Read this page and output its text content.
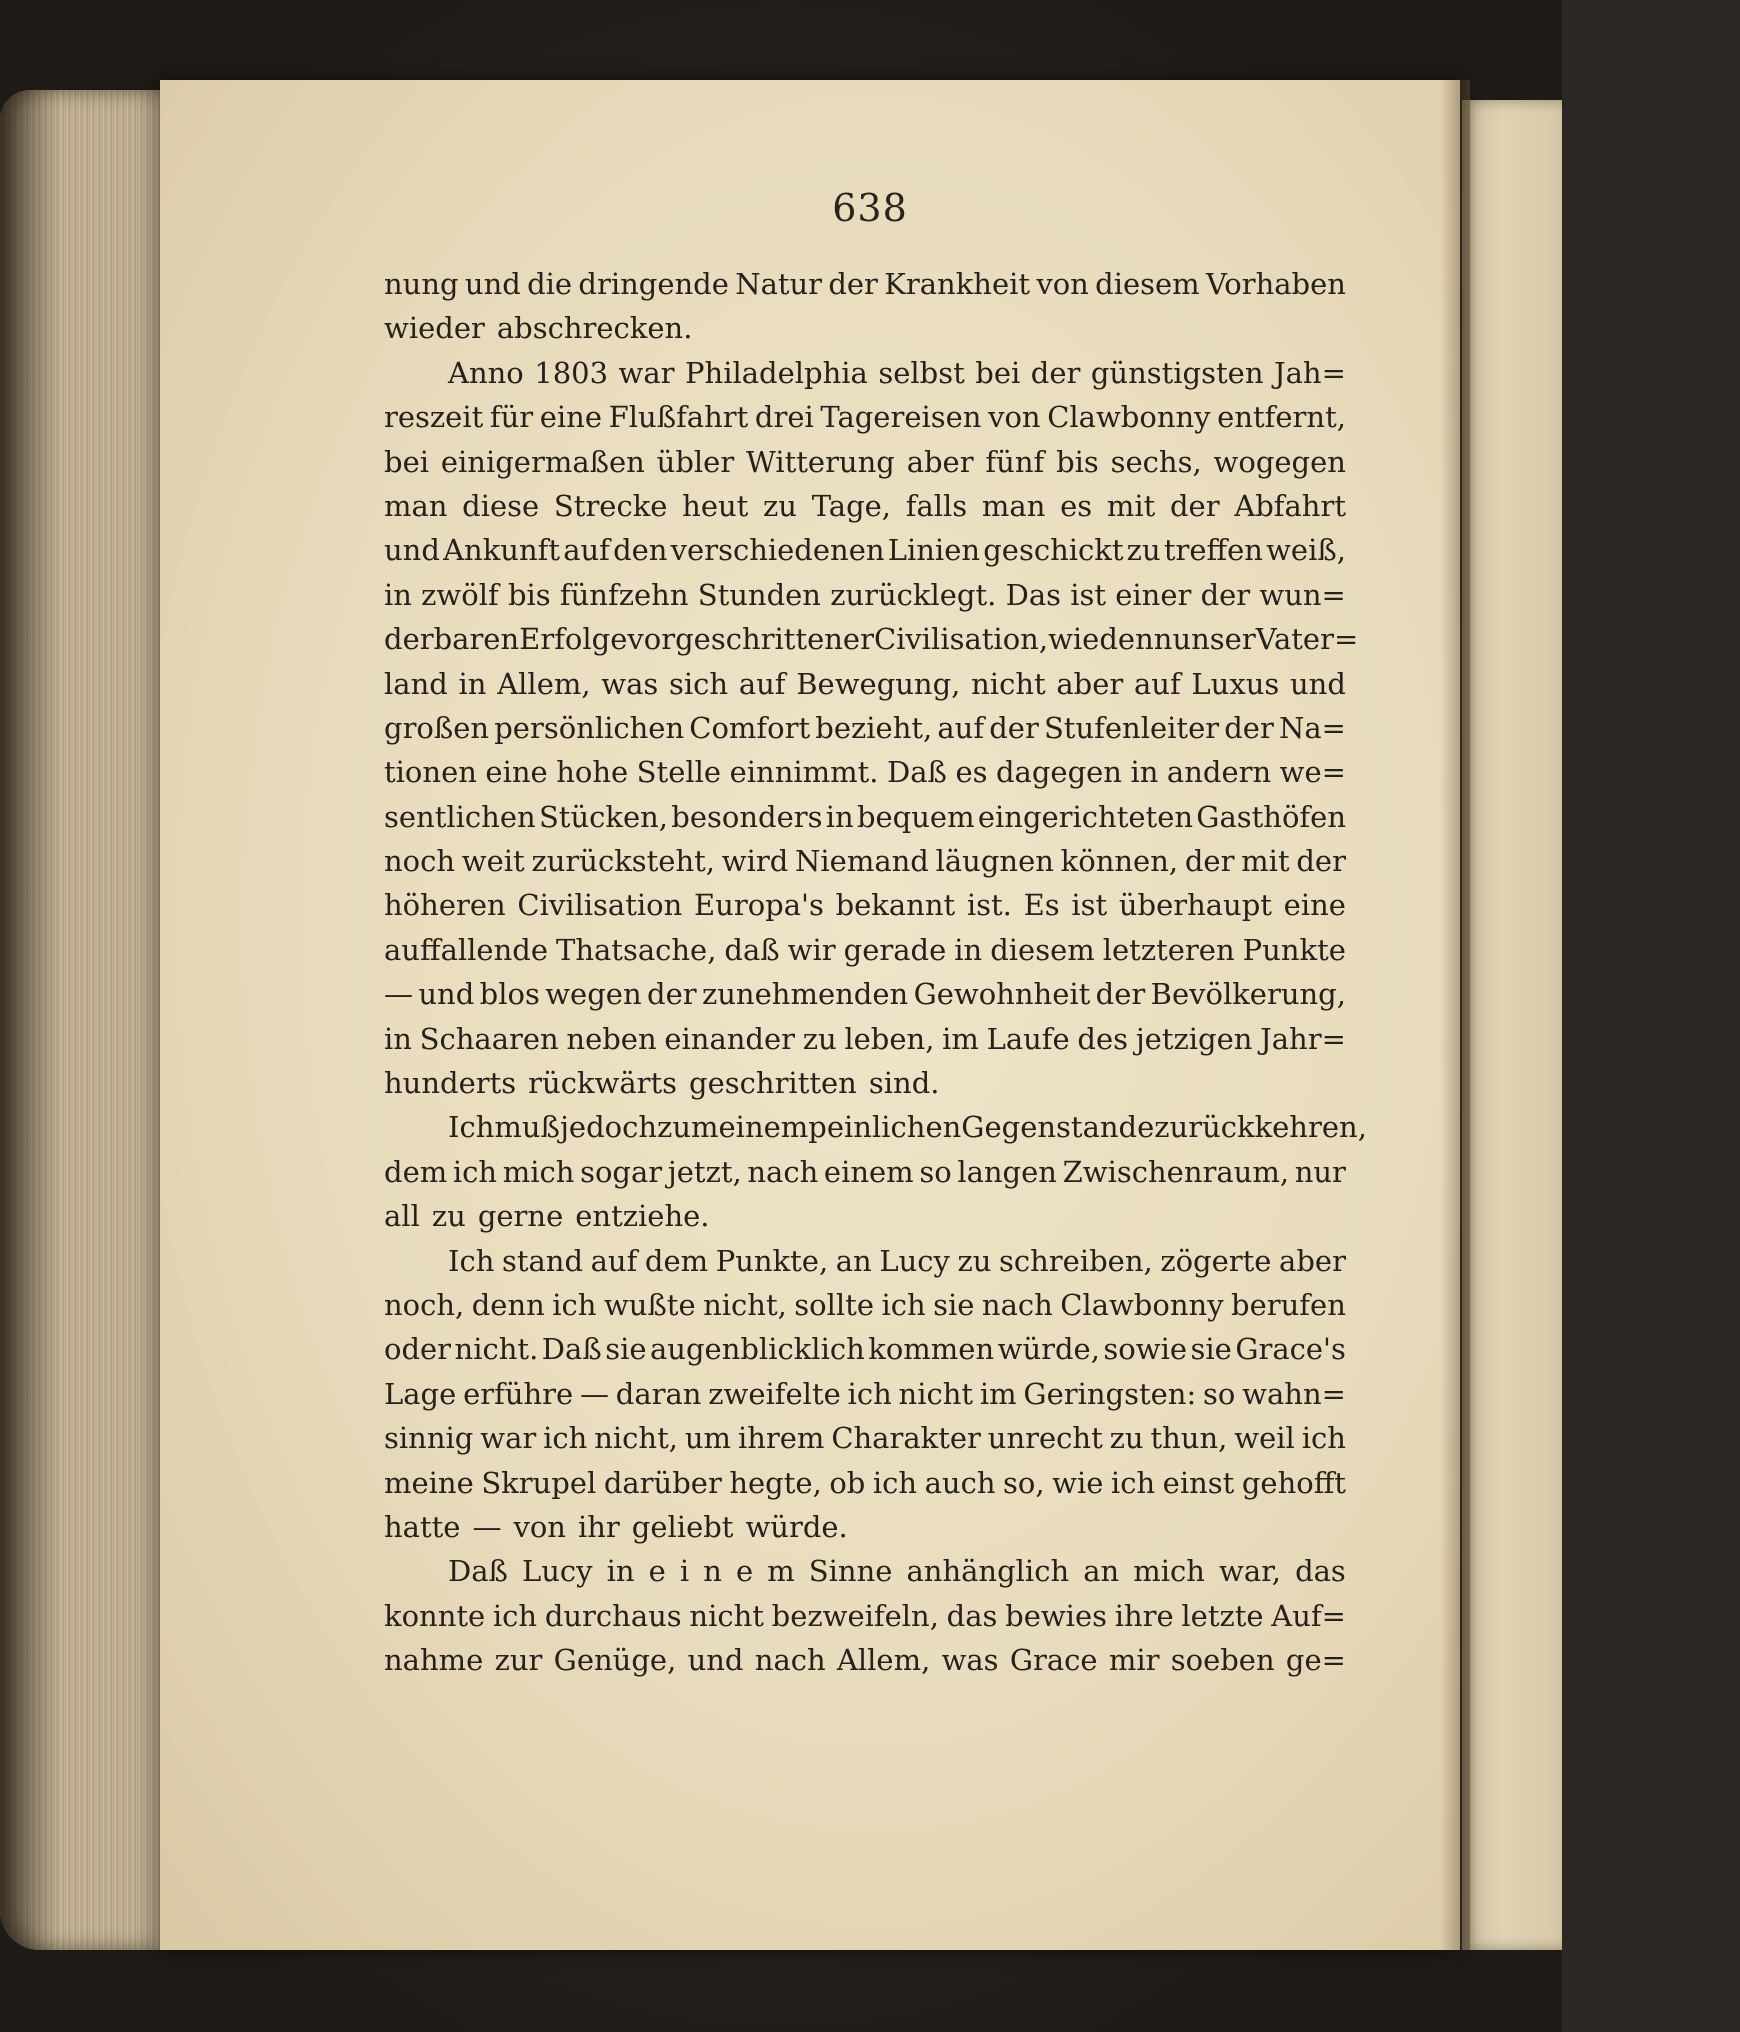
638
nung und die dringende Natur der Krankheit von diesem Vorhaben
wieder abschrecken.
Anno 1803 war Philadelphia selbst bei der günstigsten Jah=
reszeit für eine Flußfahrt drei Tagereisen von Clawbonny entfernt,
bei einigermaßen übler Witterung aber fünf bis sechs, wogegen
man diese Strecke heut zu Tage, falls man es mit der Abfahrt
und Ankunft auf den verschiedenen Linien geschickt zu treffen weiß,
in zwölf bis fünfzehn Stunden zurücklegt. Das ist einer der wun=
derbaren Erfolge vorgeschrittener Civilisation, wie denn unser Vater=
land in Allem, was sich auf Bewegung, nicht aber auf Luxus und
großen persönlichen Comfort bezieht, auf der Stufenleiter der Na=
tionen eine hohe Stelle einnimmt. Daß es dagegen in andern we=
sentlichen Stücken, besonders in bequem eingerichteten Gasthöfen
noch weit zurücksteht, wird Niemand läugnen können, der mit der
höheren Civilisation Europa's bekannt ist. Es ist überhaupt eine
auffallende Thatsache, daß wir gerade in diesem letzteren Punkte
— und blos wegen der zunehmenden Gewohnheit der Bevölkerung,
in Schaaren neben einander zu leben, im Laufe des jetzigen Jahr=
hunderts rückwärts geschritten sind.
Ich muß jedoch zu meinem peinlichen Gegenstande zurückkehren,
dem ich mich sogar jetzt, nach einem so langen Zwischenraum, nur
all zu gerne entziehe.
Ich stand auf dem Punkte, an Lucy zu schreiben, zögerte aber
noch, denn ich wußte nicht, sollte ich sie nach Clawbonny berufen
oder nicht. Daß sie augenblicklich kommen würde, sowie sie Grace's
Lage erführe — daran zweifelte ich nicht im Geringsten: so wahn=
sinnig war ich nicht, um ihrem Charakter unrecht zu thun, weil ich
meine Skrupel darüber hegte, ob ich auch so, wie ich einst gehofft
hatte — von ihr geliebt würde.
Daß Lucy in e i n e m Sinne anhänglich an mich war, das
konnte ich durchaus nicht bezweifeln, das bewies ihre letzte Auf=
nahme zur Genüge, und nach Allem, was Grace mir soeben ge=
